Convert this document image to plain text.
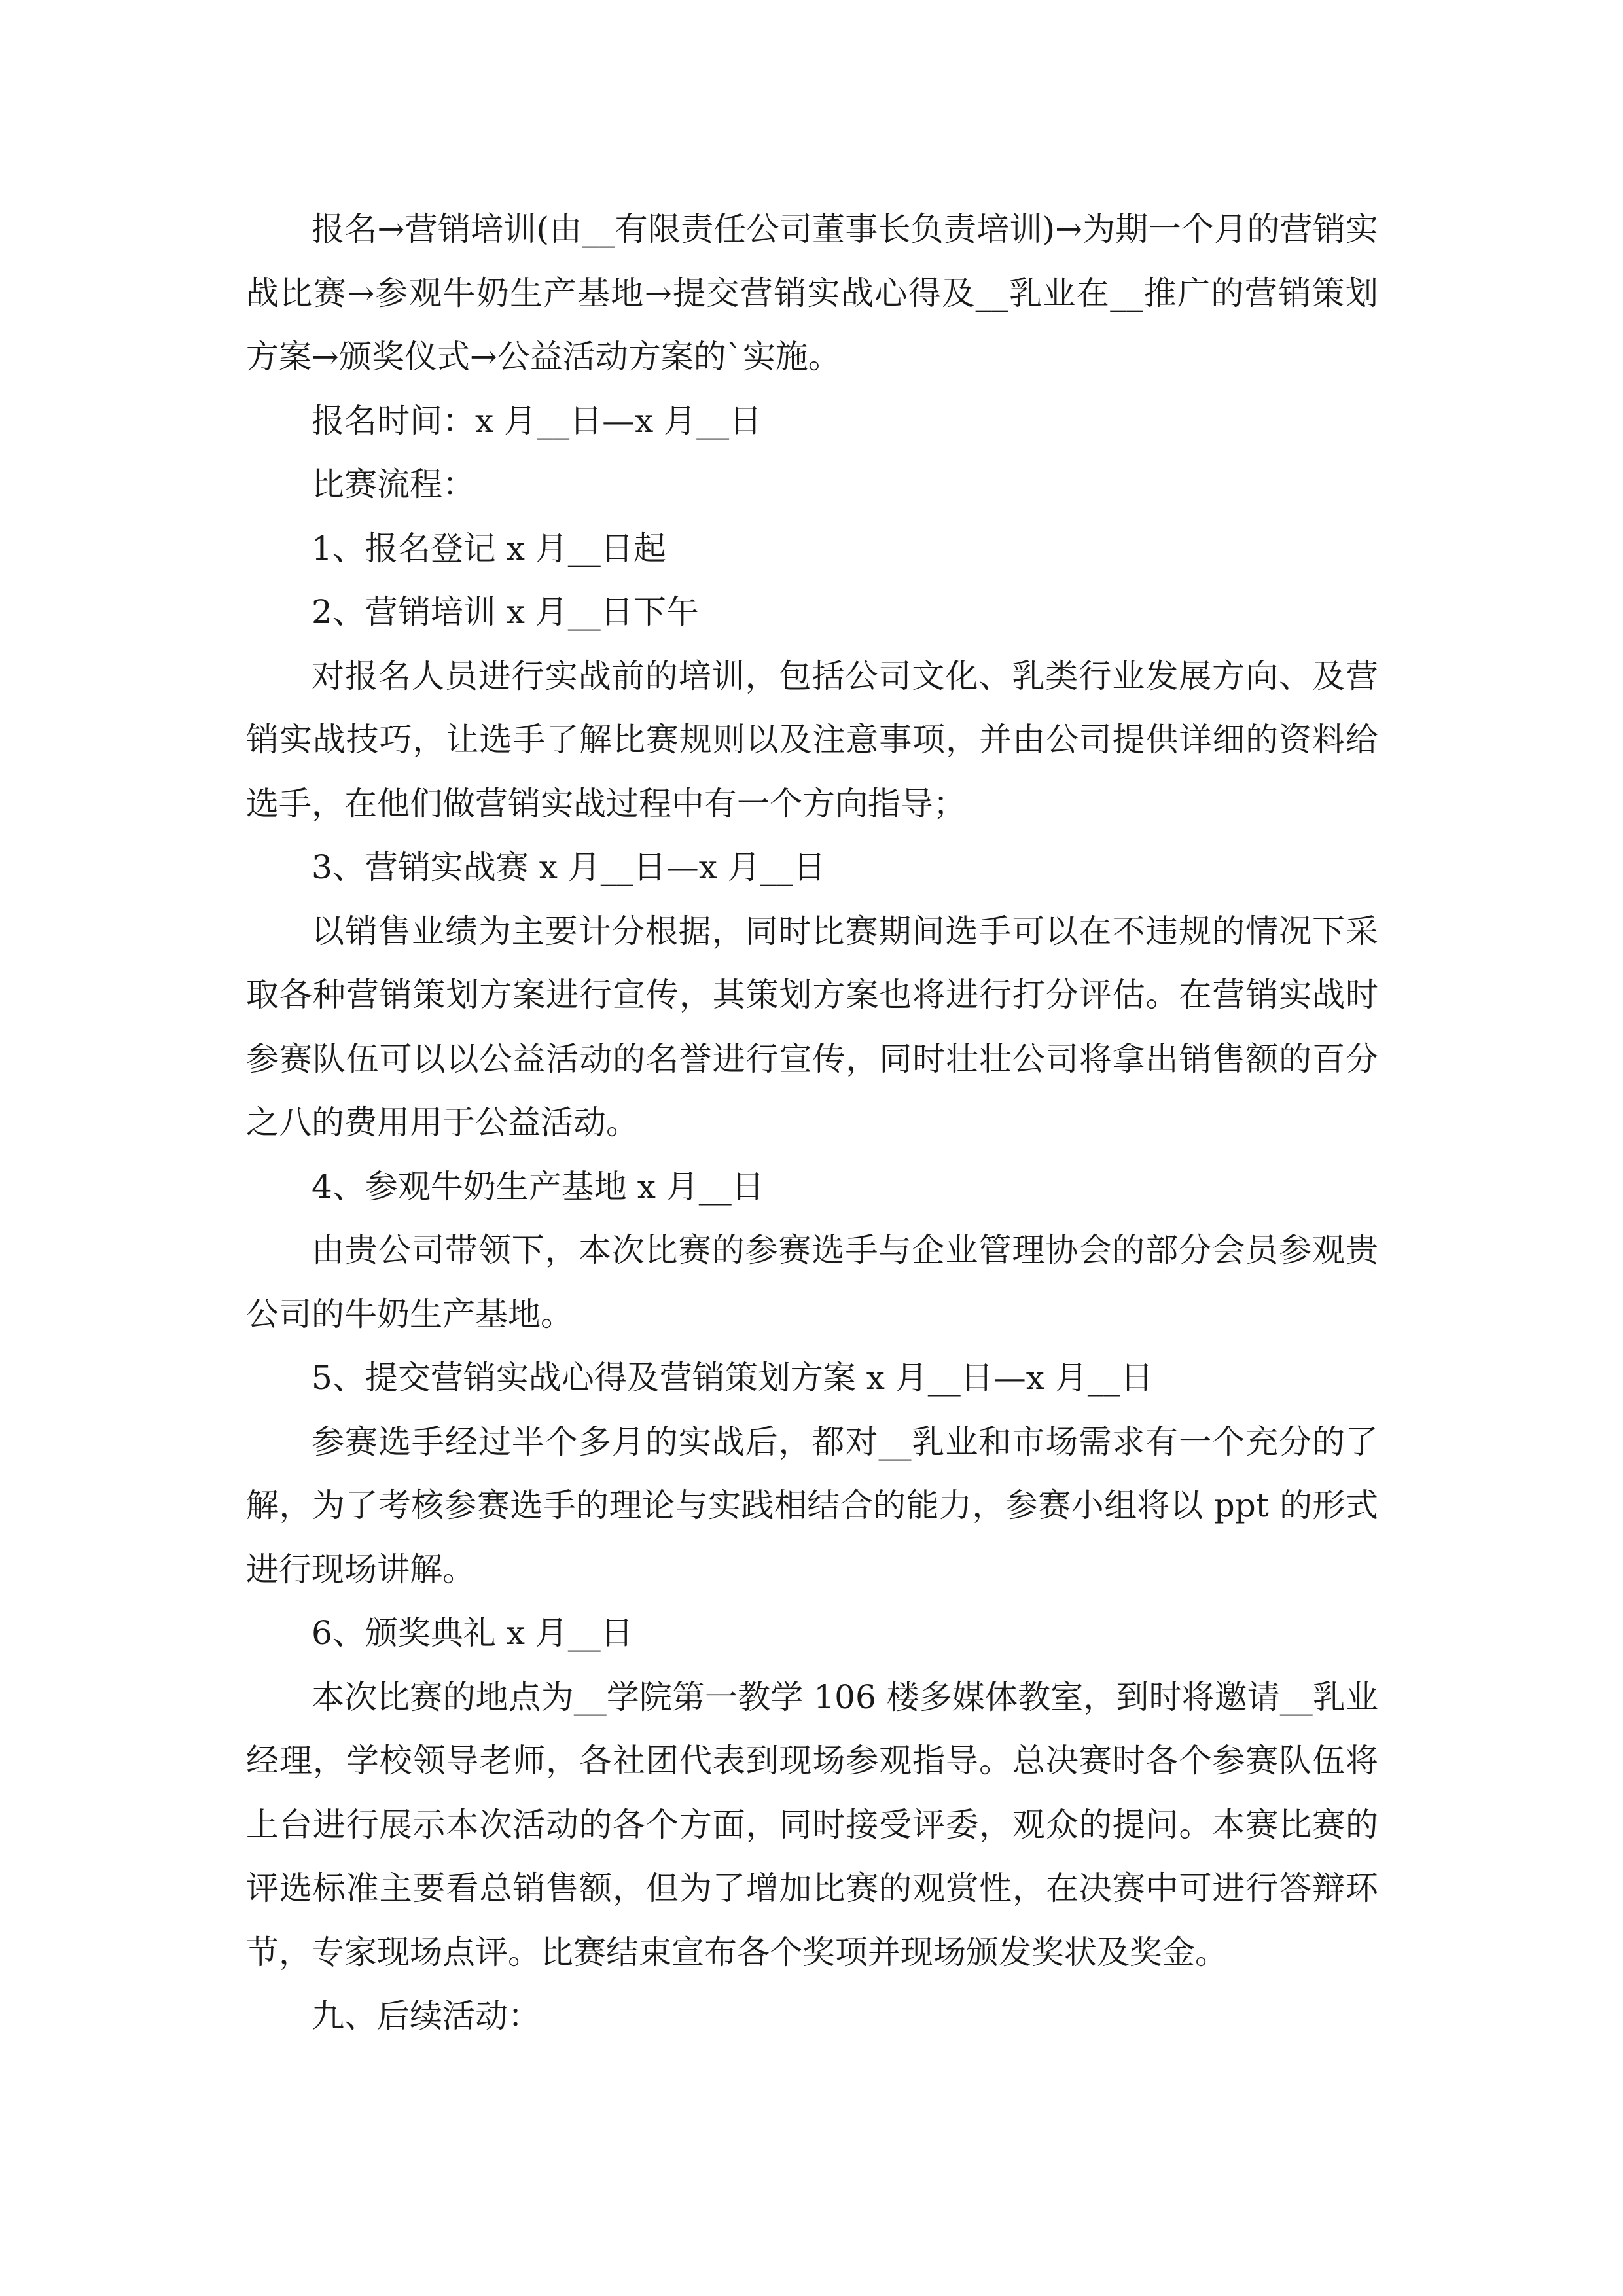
报名→营销培训(由__有限责任公司董事长负责培训)→为期一个月的营销实战比赛→参观牛奶生产基地→提交营销实战心得及__乳业在__推广的营销策划方案→颁奖仪式→公益活动方案的`实施。

报名时间：x 月__日—x 月__日

比赛流程：

1、报名登记 x 月__日起

2、营销培训 x 月__日下午

对报名人员进行实战前的培训，包括公司文化、乳类行业发展方向、及营销实战技巧，让选手了解比赛规则以及注意事项，并由公司提供详细的资料给选手，在他们做营销实战过程中有一个方向指导；

3、营销实战赛 x 月__日—x 月__日

以销售业绩为主要计分根据，同时比赛期间选手可以在不违规的情况下采取各种营销策划方案进行宣传，其策划方案也将进行打分评估。在营销实战时参赛队伍可以以公益活动的名誉进行宣传，同时壮壮公司将拿出销售额的百分之八的费用用于公益活动。

4、参观牛奶生产基地 x 月__日

由贵公司带领下，本次比赛的参赛选手与企业管理协会的部分会员参观贵公司的牛奶生产基地。

5、提交营销实战心得及营销策划方案 x 月__日—x 月__日

参赛选手经过半个多月的实战后，都对__乳业和市场需求有一个充分的了解，为了考核参赛选手的理论与实践相结合的能力，参赛小组将以 ppt 的形式进行现场讲解。

6、颁奖典礼 x 月__日

本次比赛的地点为__学院第一教学 106 楼多媒体教室，到时将邀请__乳业经理，学校领导老师，各社团代表到现场参观指导。总决赛时各个参赛队伍将上台进行展示本次活动的各个方面，同时接受评委，观众的提问。本赛比赛的评选标准主要看总销售额，但为了增加比赛的观赏性，在决赛中可进行答辩环节，专家现场点评。比赛结束宣布各个奖项并现场颁发奖状及奖金。

九、后续活动：
